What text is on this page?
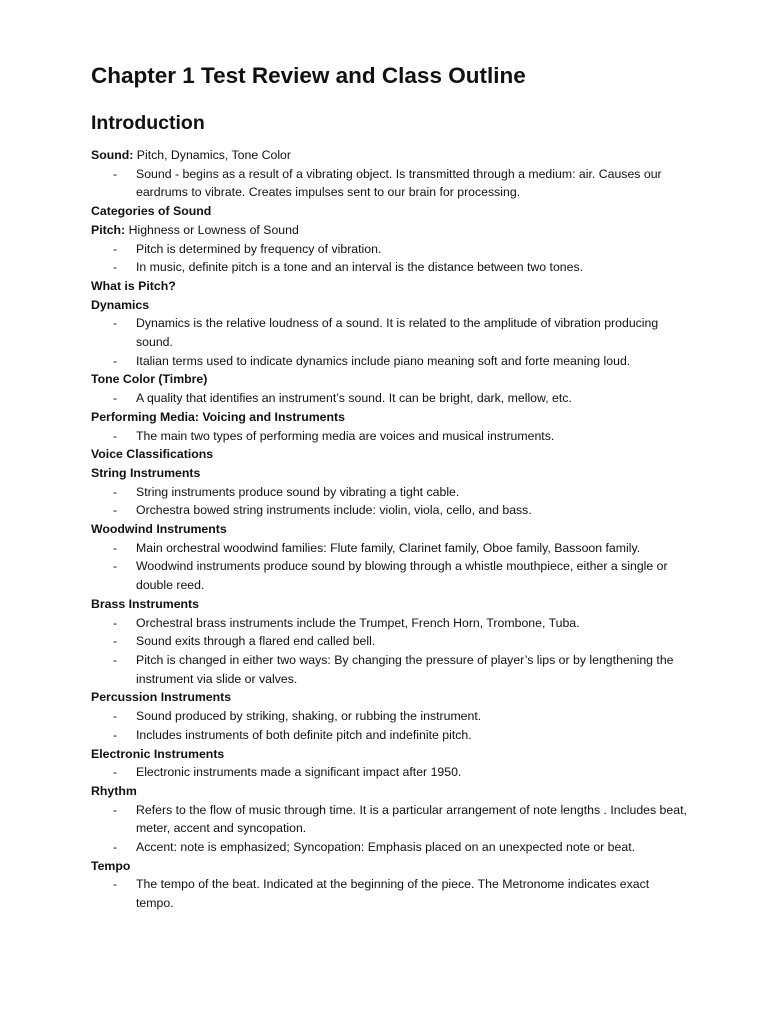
Chapter 1 Test Review and Class Outline
Introduction

Sound: Pitch, Dynamics, Tone Color

- Sound - begins as a result of a vibrating object. Is transmitted through a medium: air. Causes our eardrums to vibrate. Creates impulses sent to our brain for processing.

Categories of Sound

Pitch: Highness or Lowness of Sound

- Pitch is determined by frequency of vibration.
- In music, definite pitch is a tone and an interval is the distance between two tones.

What is Pitch?

Dynamics

- Dynamics is the relative loudness of a sound. It is related to the amplitude of vibration producing sound.
- Italian terms used to indicate dynamics include piano meaning soft and forte meaning loud.

Tone Color (Timbre)

- A quality that identifies an instrument’s sound. It can be bright, dark, mellow, etc.

Performing Media: Voicing and Instruments

- The main two types of performing media are voices and musical instruments.

Voice Classifications

String Instruments

- String instruments produce sound by vibrating a tight cable.
- Orchestra bowed string instruments include: violin, viola, cello, and bass.

Woodwind Instruments

- Main orchestral woodwind families: Flute family, Clarinet family, Oboe family, Bassoon family.
- Woodwind instruments produce sound by blowing through a whistle mouthpiece, either a single or double reed.

Brass Instruments

- Orchestral brass instruments include the Trumpet, French Horn, Trombone, Tuba.
- Sound exits through a flared end called bell.
- Pitch is changed in either two ways: By changing the pressure of player’s lips or by lengthening the instrument via slide or valves.

Percussion Instruments

- Sound produced by striking, shaking, or rubbing the instrument.
- Includes instruments of both definite pitch and indefinite pitch.

Electronic Instruments

- Electronic instruments made a significant impact after 1950.

Rhythm

- Refers to the flow of music through time. It is a particular arrangement of note lengths . Includes beat, meter, accent and syncopation.
- Accent: note is emphasized; Syncopation: Emphasis placed on an unexpected note or beat.

Tempo

- The tempo of the beat. Indicated at the beginning of the piece. The Metronome indicates exact tempo.
